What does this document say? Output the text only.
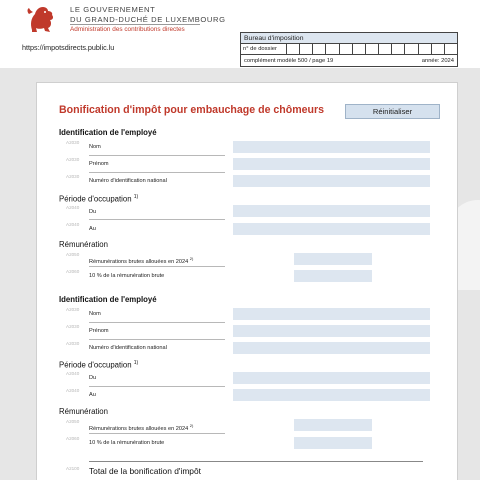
LE GOUVERNEMENT
DU GRAND-DUCHÉ DE LUXEMBOURG
Administration des contributions directes
https://impotsdirects.public.lu
Bureau d'imposition
n° de dossier
complément modèle 500 / page 19	année: 2024
Bonification d'impôt pour embauchage de chômeurs	Réinitialiser
Identification de l'employé
A2030
Nom
A2030
Prénom
A2030
Numéro d'identification national
Période d'occupation $^{1)}$
A2040
Du
A2040
Au
Rémunération
A2050
Rémunérations brutes allouées en 2024 $^{2)}$
A2060
10 % de la rémunération brute
Identification de l'employé
A2030
Nom
A2030
Prénom
A2030
Numéro d'identification national
Période d'occupation $^{1)}$
A2040
Du
A2040
Au
Rémunération
A2050
Rémunérations brutes allouées en 2024 $^{2)}$
A2060
10 % de la rémunération brute
A2100 Total de la bonification d'impôt
